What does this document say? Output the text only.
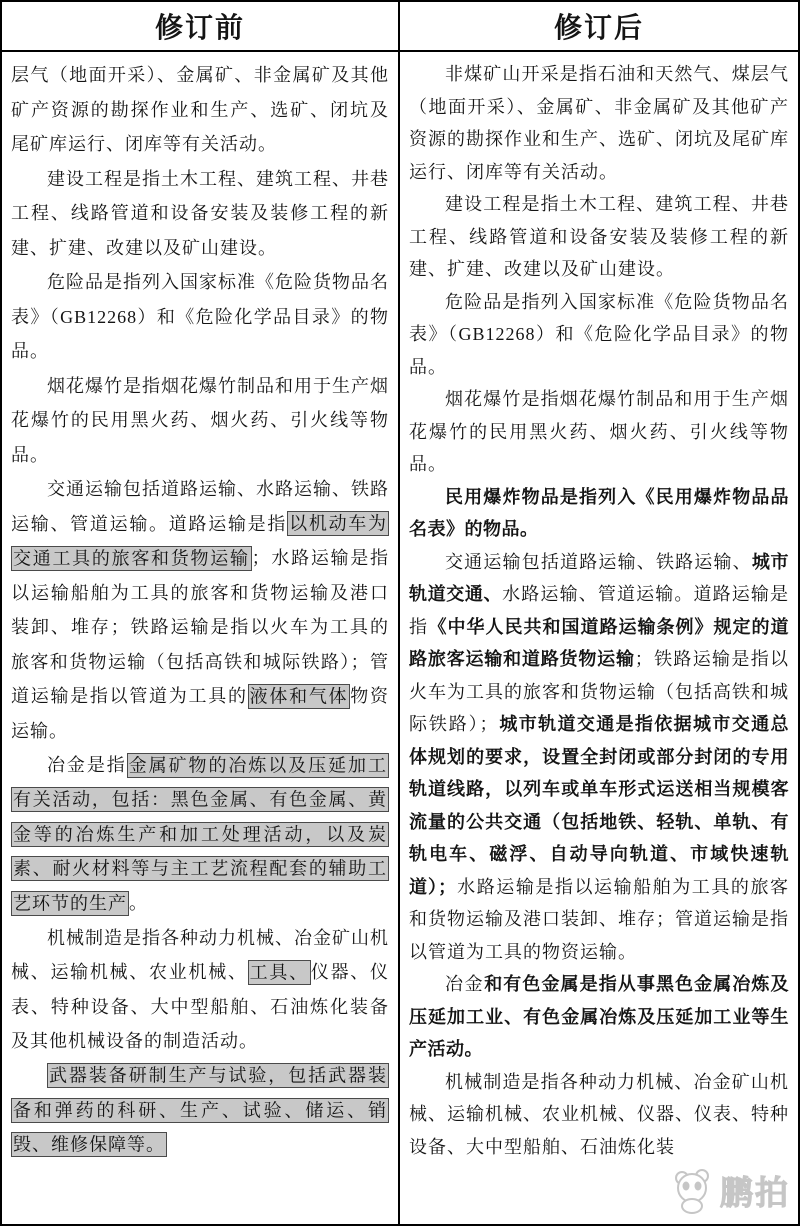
修订前

层气（地面开采）、金属矿、非金属矿及其他矿产资源的勘探作业和生产、选矿、闭坑及尾矿库运行、闭库等有关活动。

建设工程是指土木工程、建筑工程、井巷工程、线路管道和设备安装及装修工程的新建、扩建、改建以及矿山建设。

危险品是指列入国家标准《危险货物品名表》（GB12268）和《危险化学品目录》的物品。

烟花爆竹是指烟花爆竹制品和用于生产烟花爆竹的民用黑火药、烟火药、引火线等物品。

交通运输包括道路运输、水路运输、铁路运输、管道运输。道路运输是指 以机动车为交通工具的旅客和货物运输 ；水路运输是指以运输船舶为工具的旅客和货物运输及港口装卸、堆存；铁路运输是指以火车为工具的旅客和货物运输（包括高铁和城际铁路）；管道运输是指以管道为工具的 液体和气体 物资运输。

冶金是指 金属矿物的冶炼以及压延加工有关活动，包括：黑色金属、有色金属、黄金等的冶炼生产和加工处理活动，以及炭素、耐火材料等与主工艺流程配套的辅助工艺环节的生产 。

机械制造是指各种动力机械、冶金矿山机械、运输机械、农业机械、 工具、 仪器、仪表、特种设备、大中型船舶、石油炼化装备及其他机械设备的制造活动。

武器装备研制生产与试验，包括武器装备和弹药的科研、生产、试验、储运、销毁、维修保障等。

修订后

非煤矿山开采是指石油和天然气、煤层气（地面开采）、金属矿、非金属矿及其他矿产资源的勘探作业和生产、选矿、闭坑及尾矿库运行、闭库等有关活动。

建设工程是指土木工程、建筑工程、井巷工程、线路管道和设备安装及装修工程的新建、扩建、改建以及矿山建设。

危险品是指列入国家标准《危险货物品名表》（GB12268）和《危险化学品目录》的物品。

烟花爆竹是指烟花爆竹制品和用于生产烟花爆竹的民用黑火药、烟火药、引火线等物品。

民用爆炸物品是指列入《民用爆炸物品品名表》的物品。

交通运输包括道路运输、铁路运输、城市轨道交通、水路运输、管道运输。道路运输是指《中华人民共和国道路运输条例》规定的道路旅客运输和道路货物运输；铁路运输是指以火车为工具的旅客和货物运输（包括高铁和城际铁路）；城市轨道交通是指依据城市交通总体规划的要求，设置全封闭或部分封闭的专用轨道线路，以列车或单车形式运送相当规模客流量的公共交通（包括地铁、轻轨、单轨、有轨电车、磁浮、自动导向轨道、市域快速轨道）；水路运输是指以运输船舶为工具的旅客和货物运输及港口装卸、堆存；管道运输是指以管道为工具的物资运输。

冶金和有色金属是指从事黑色金属冶炼及压延加工业、有色金属冶炼及压延加工业等生产活动。

机械制造是指各种动力机械、冶金矿山机械、运输机械、农业机械、仪器、仪表、特种设备、大中型船舶、石油炼化装

鹏拍
